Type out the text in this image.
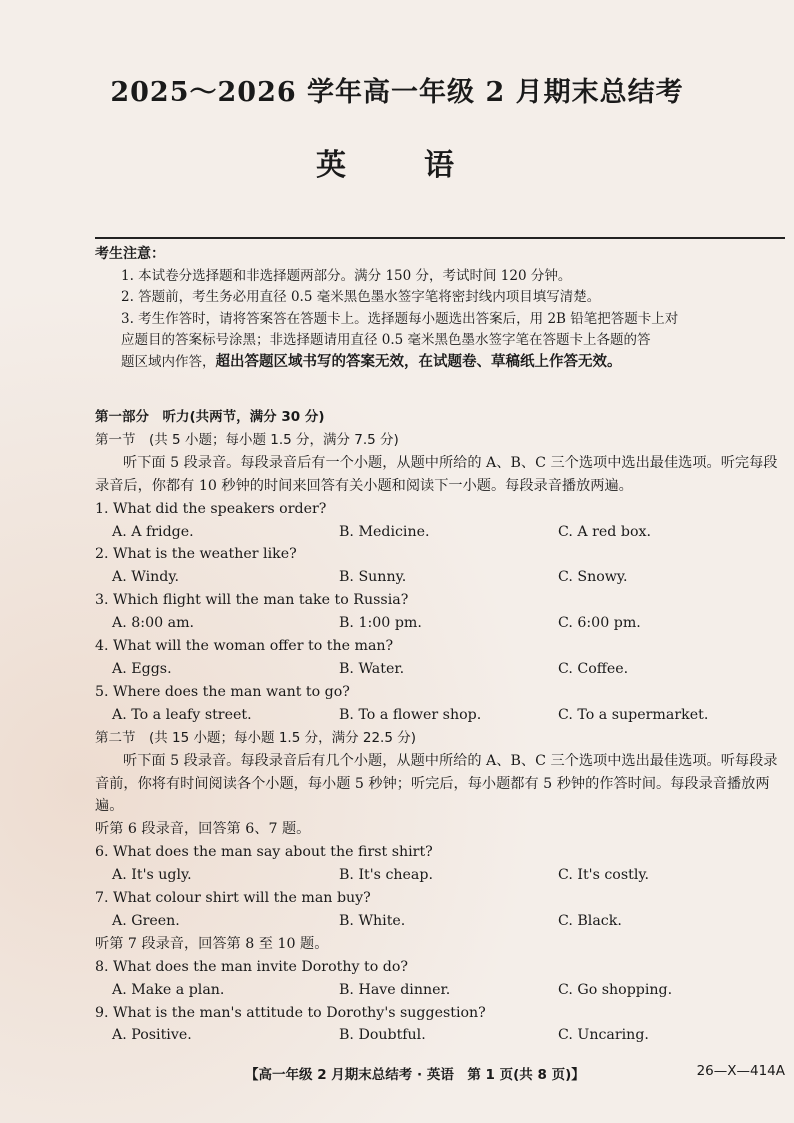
2025～2026 学年高一年级 2 月期末总结考
英　语
考生注意：

1. 本试卷分选择题和非选择题两部分。满分 150 分，考试时间 120 分钟。

2. 答题前，考生务必用直径 0.5 毫米黑色墨水签字笔将密封线内项目填写清楚。

3. 考生作答时，请将答案答在答题卡上。选择题每小题选出答案后，用 2B 铅笔把答题卡上对

应题目的答案标号涂黑；非选择题请用直径 0.5 毫米黑色墨水签字笔在答题卡上各题的答

题区域内作答，超出答题区域书写的答案无效，在试题卷、草稿纸上作答无效。

第一部分　听力(共两节，满分 30 分)
第一节　(共 5 小题；每小题 1.5 分，满分 7.5 分)
听下面 5 段录音。每段录音后有一个小题，从题中所给的 A、B、C 三个选项中选出最佳选项。听完每段录音后，你都有 10 秒钟的时间来回答有关小题和阅读下一小题。每段录音播放两遍。
1. What did the speakers order?
A. A fridge.	B. Medicine.	C. A red box.
2. What is the weather like?
A. Windy.	B. Sunny.	C. Snowy.
3. Which flight will the man take to Russia?
A. 8:00 am.	B. 1:00 pm.	C. 6:00 pm.
4. What will the woman offer to the man?
A. Eggs.	B. Water.	C. Coffee.
5. Where does the man want to go?
A. To a leafy street.	B. To a flower shop.	C. To a supermarket.
第二节　(共 15 小题；每小题 1.5 分，满分 22.5 分)
听下面 5 段录音。每段录音后有几个小题，从题中所给的 A、B、C 三个选项中选出最佳选项。听每段录音前，你将有时间阅读各个小题，每小题 5 秒钟；听完后，每小题都有 5 秒钟的作答时间。每段录音播放两遍。
听第 6 段录音，回答第 6、7 题。
6. What does the man say about the first shirt?
A. It's ugly.	B. It's cheap.	C. It's costly.
7. What colour shirt will the man buy?
A. Green.	B. White.	C. Black.
听第 7 段录音，回答第 8 至 10 题。
8. What does the man invite Dorothy to do?
A. Make a plan.	B. Have dinner.	C. Go shopping.
9. What is the man's attitude to Dorothy's suggestion?
A. Positive.	B. Doubtful.	C. Uncaring.
【高一年级 2 月期末总结考 · 英语　第 1 页(共 8 页)】	26—X—414A
